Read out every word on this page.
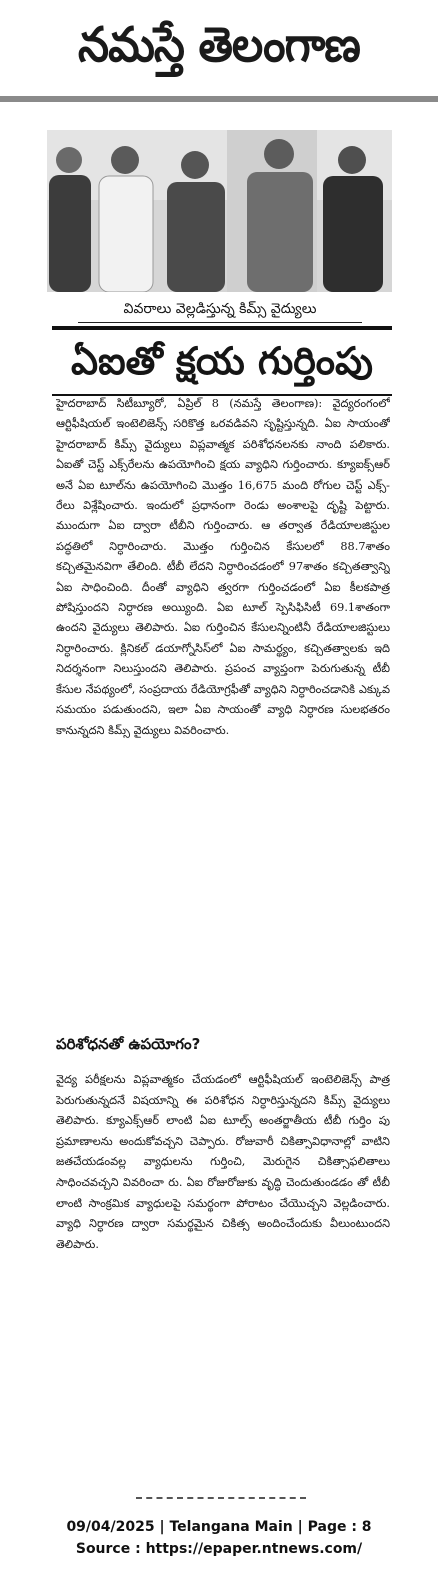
నమస్తే తెలంగాణ
వివరాలు వెల్లడిస్తున్న కిమ్స్ వైద్యులు
ఏఐతో క్షయ గుర్తింపు
హైదరాబాద్ సిటీబ్యూరో, ఏప్రిల్ 8 (నమస్తే తెలంగాణ): వైద్యరంగంలో ఆర్టిఫీషియల్ ఇంటెలిజెన్స్ సరికొత్త ఒరవడివని సృష్టిస్తున్నది. ఏఐ సాయంతో హైదరాబాద్ కిమ్స్ వైద్యులు విప్లవాత్మక పరిశోధనలనకు నాంది పలికారు. ఏఐతో చెస్ట్ ఎక్స్‌రేలను ఉపయోగించి క్షయ వ్యాధిని గుర్తించారు. క్యూఐక్స్‌ఆర్ అనే ఏఐ టూల్‌ను ఉపయోగించి మొత్తం 16,675 మంది రోగుల చెస్ట్ ఎక్స్-రేలు విశ్లేషించారు. ఇందులో ప్రధానంగా రెండు అంశాలపై దృష్టి పెట్టారు. ముందుగా ఏఐ ద్వారా టీబీని గుర్తించారు. ఆ తర్వాత రేడియాలజిస్టుల పద్ధతిలో నిర్ధారించారు. మొత్తం గుర్తించిన కేసులలో 88.7శాతం కచ్చితమైనవిగా తేలింది. టీబీ లేదని నిర్ధారించడంలో 97శాతం కచ్చితత్వాన్ని ఏఐ సాధించింది. దీంతో వ్యాధిని త్వరగా గుర్తించడంలో ఏఐ కీలకపాత్ర పోషిస్తుందని నిర్ధారణ అయ్యింది. ఏఐ టూల్ స్పెసిఫిసిటీ 69.1శాతంగా ఉందని వైద్యులు తెలిపారు. ఏఐ గుర్తించిన కేసులన్నింటినీ రేడియాలజిస్టులు నిర్ధారించారు. క్లినికల్ డయాగ్నోసిస్‌లో ఏఐ సామర్థ్యం, కచ్చితత్వాలకు ఇది నిదర్శనంగా నిలుస్తుందని తెలిపారు. ప్రపంచ వ్యాప్తంగా పెరుగుతున్న టీబీ కేసుల నేపథ్యంలో, సంప్రదాయ రేడియోగ్రఫీతో వ్యాధిని నిర్ధారించడానికి ఎక్కువ సమయం పడుతుందని, ఇలా ఏఐ సాయంతో వ్యాధి నిర్ధారణ సులభతరం కానున్నదని కిమ్స్ వైద్యులు వివరించారు.
పరిశోధనతో ఉపయోగం?
వైద్య పరీక్షలను విప్లవాత్మకం చేయడంలో ఆర్టిఫీషియల్ ఇంటెలిజెన్స్ పాత్ర పెరుగుతున్నదనే విషయాన్ని ఈ పరిశోధన నిర్ధారిస్తున్నదని కిమ్స్ వైద్యులు తెలిపారు. క్యూఎక్స్‌ఆర్ లాంటి ఏఐ టూల్స్ అంతర్జాతీయ టీబీ గుర్తిం పు ప్రమాణాలను అందుకోవచ్చని చెప్పారు. రోజువారీ చికిత్సావిధానాల్లో వాటిని జతచేయడంవల్ల వ్యాధులను గుర్తించి, మెరుగైన చికిత్సాఫలితాలు సాధించవచ్చని వివరించా రు. ఏఐ రోజురోజుకు వృద్ధి చెందుతుండడం తో టీబీ లాంటి సాంక్రమిక వ్యాధులపై సమర్థంగా పోరాటం చేయొచ్చని వెల్లడించారు. వ్యాధి నిర్ధారణ ద్వారా సమర్థమైన చికిత్స అందించేందుకు వీలుంటుందని తెలిపారు.
09/04/2025 | Telangana Main | Page : 8
Source : https://epaper.ntnews.com/
